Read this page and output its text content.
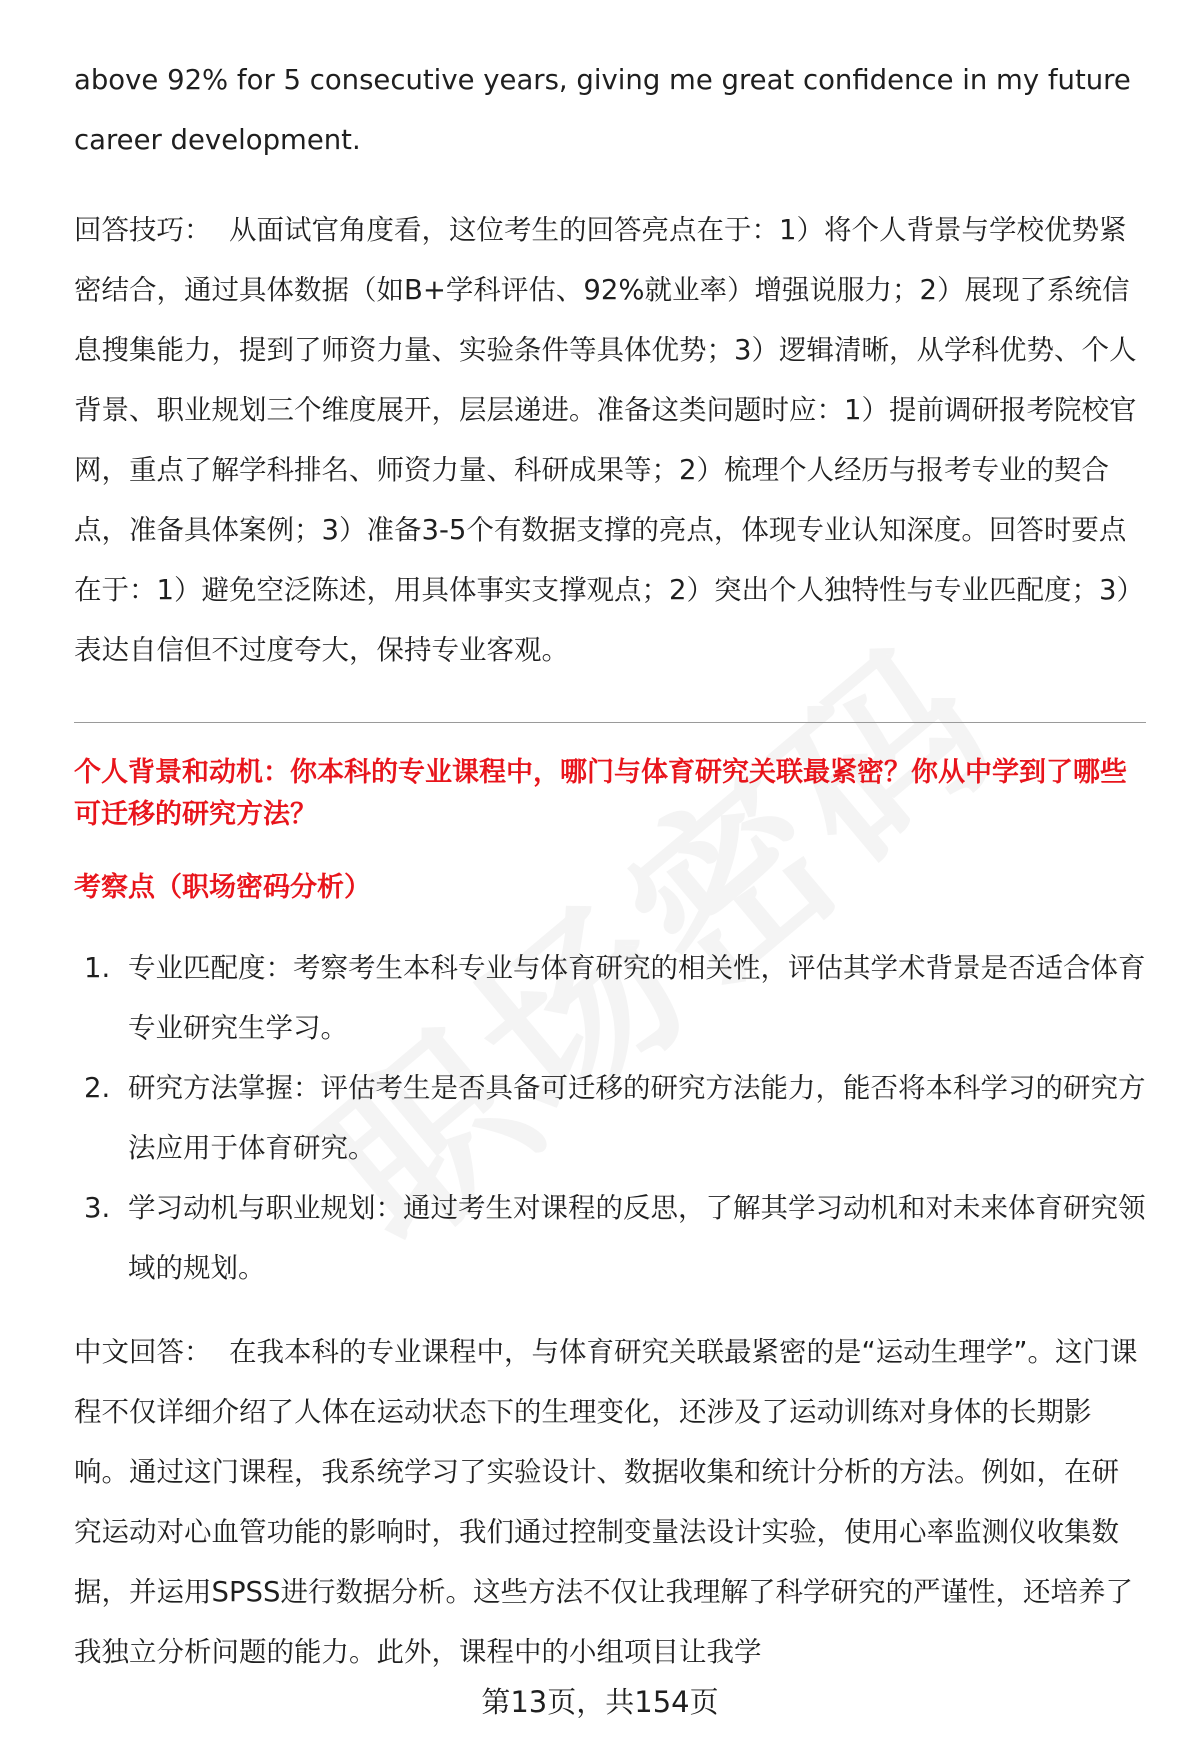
above 92% for 5 consecutive years, giving me great confidence in my future career development.

回答技巧： 从面试官角度看，这位考生的回答亮点在于：1）将个人背景与学校优势紧密结合，通过具体数据（如B+学科评估、92%就业率）增强说服力；2）展现了系统信息搜集能力，提到了师资力量、实验条件等具体优势；3）逻辑清晰，从学科优势、个人背景、职业规划三个维度展开，层层递进。准备这类问题时应：1）提前调研报考院校官网，重点了解学科排名、师资力量、科研成果等；2）梳理个人经历与报考专业的契合点，准备具体案例；3）准备3-5个有数据支撑的亮点，体现专业认知深度。回答时要点在于：1）避免空泛陈述，用具体事实支撑观点；2）突出个人独特性与专业匹配度；3）表达自信但不过度夸大，保持专业客观。

个人背景和动机：你本科的专业课程中，哪门与体育研究关联最紧密？你从中学到了哪些可迁移的研究方法？

考察点（职场密码分析）

1. 专业匹配度：考察考生本科专业与体育研究的相关性，评估其学术背景是否适合体育专业研究生学习。
2. 研究方法掌握：评估考生是否具备可迁移的研究方法能力，能否将本科学习的研究方法应用于体育研究。
3. 学习动机与职业规划：通过考生对课程的反思，了解其学习动机和对未来体育研究领域的规划。

中文回答： 在我本科的专业课程中，与体育研究关联最紧密的是“运动生理学”。这门课程不仅详细介绍了人体在运动状态下的生理变化，还涉及了运动训练对身体的长期影响。通过这门课程，我系统学习了实验设计、数据收集和统计分析的方法。例如，在研究运动对心血管功能的影响时，我们通过控制变量法设计实验，使用心率监测仪收集数据，并运用SPSS进行数据分析。这些方法不仅让我理解了科学研究的严谨性，还培养了我独立分析问题的能力。此外，课程中的小组项目让我学

第13页，共154页
